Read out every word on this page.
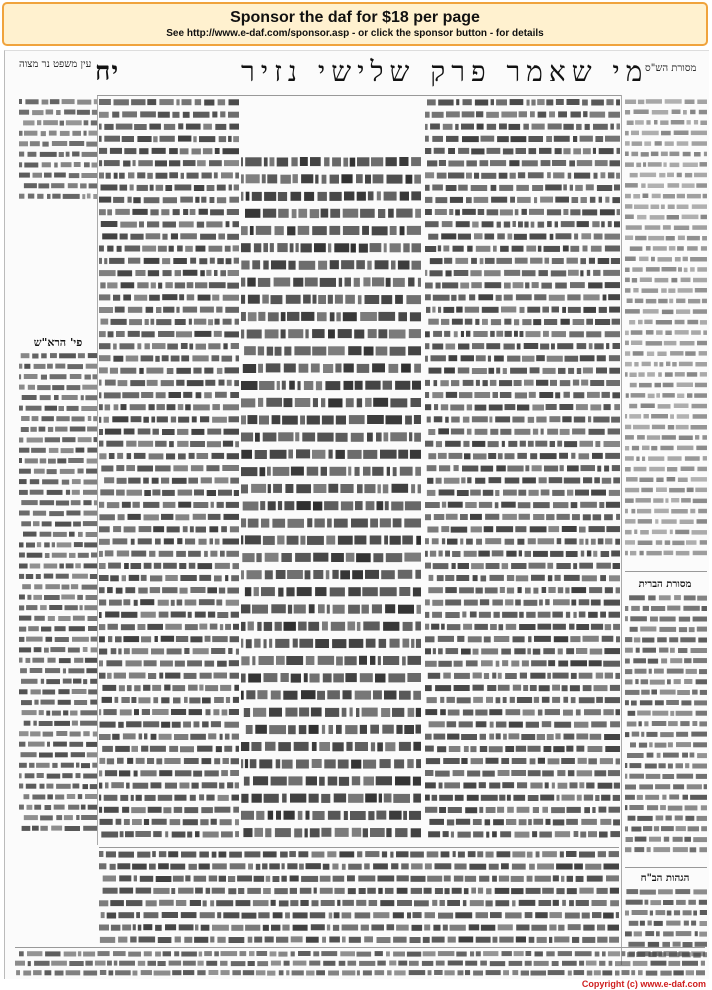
Sponsor the daf for $18 per page
See http://www.e-daf.com/sponsor.asp - or click the sponsor button - for details
עין משפט נר מצוה יח	מי שאמר פרק שלישי נזיר
מסורת הש"ס
פי' הרא"ש
מסורת הברית
הגהות הב"ח
Copyright (c) www.e-daf.com
